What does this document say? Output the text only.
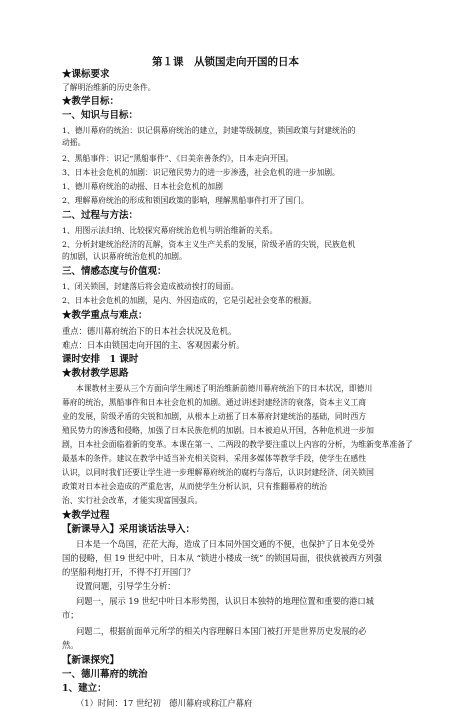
第１课　从锁国走向开国的日本
★课标要求
了解明治维新的历史条件。
★教学目标：
一、知识与目标：
1、德川幕府的统治：识记俱幕府统治的建立，封建等级制度，锁国政策与封建统治的
动摇。
2、黑船事件：识记“黑船事件”、《日美亲善条约》，日本走向开国。
3、日本社会危机的加剧：识记殖民势力的进一步渗透，社会危机的进一步加剧。
1、德川幕府统治的动摇、日本社会危机的加剧
2、理解幕府统治的形成和锁国政策的影响，理解黑船事件打开了国门。
二、过程与方法：
1、用图示法归纳、比较探究幕府统治危机与明治维新的关系。
2、分析封建统治经济的瓦解，资本主义生产关系的发展，阶级矛盾的尖锐，民族危机
的加剧，认识幕府统治危机的加剧。
三、情感态度与价值观：
1、闭关锁国，封建落后将会造成被动挨打的局面。
2、日本社会危机的加剧，是内、外因造成的，它是引起社会变革的根源。
★教学重点与难点：
重点：德川幕府统治下的日本社会状况及危机。
难点：日本由锁国走向开国的主、客观因素分析。
课时安排　1 课时
★教材教学思路
本课教材主要从三个方面向学生阐述了明治维新前德川幕府统治下的日本状况，即德川
幕府的统治，黑船事件和日本社会危机的加剧。通过讲述封建经济的衰落，资本主义工商
业的发展，阶级矛盾的尖锐和加剧，从根本上动摇了日本幕府封建统治的基础，同时西方
殖民势力的渗透和侵略，加强了日本民族危机的加剧。日本被迫从开国，各种危机进一步加
剧，日本社会面临着新的变革。本课在第一、二两段的教学要注重以上内容的分析，为维新变革准备了
最基本的条件。建议在教学中适当补充相关资料，采用多媒体等教学手段，使学生在感性
认识，以同时我们还要让学生进一步理解幕府统治的腐朽与落后，认识封建经济、闭关锁国
政策对日本社会造成的严重危害，从而使学生分析认识，只有推翻幕府的统治
治、实行社会改革，才能实现富国强兵。
★教学过程
【新课导入】采用谈话法导入：
日本是一个岛国，茫茫大海，造成了日本同外国交通的不便，也保护了日本免受外
国的侵略，但 19 世纪中叶，日本从 “锁进小楼成一统” 的锁国局面，很快就被西方列强
的坚船利炮打开，不得不打开国门？
设置问题，引导学生分析：
问题一，展示 19 世纪中叶日本形势图，认识日本独特的地理位置和重要的港口城
市；
问题二，根据前面单元所学的相关内容理解日本国门被打开是世界历史发展的必
然。
【新课探究】
一、德川幕府的统治
1、建立：
（1）时间：17 世纪初　德川幕府或称江户幕府
